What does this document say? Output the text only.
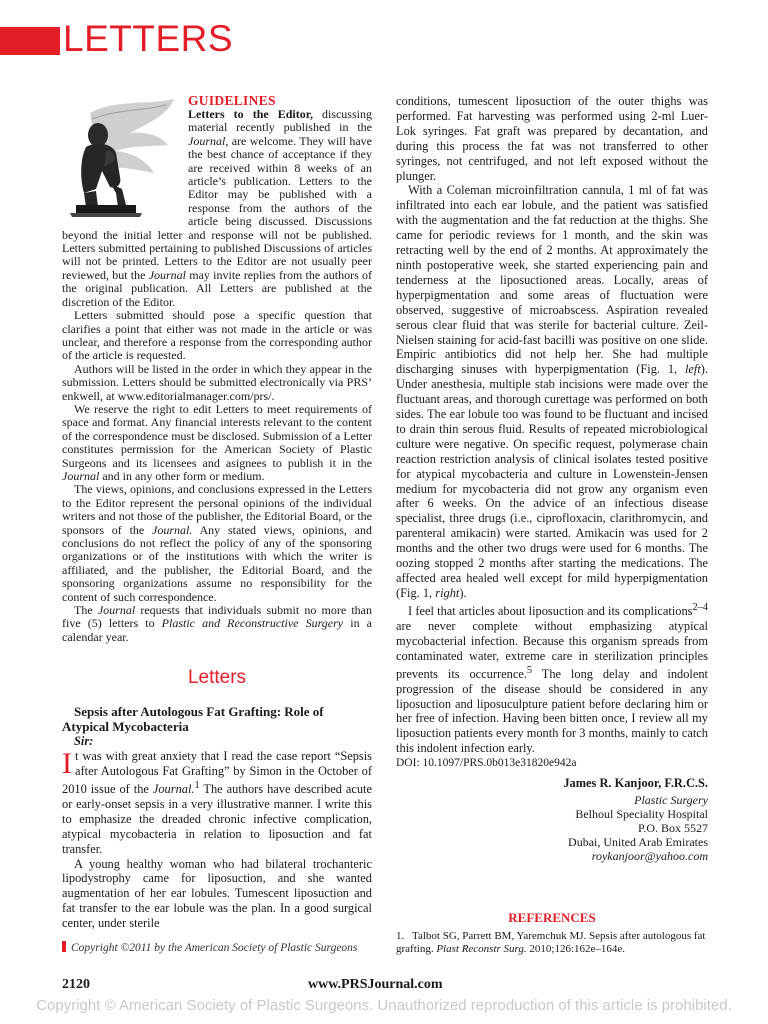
LETTERS
GUIDELINES

Letters to the Editor, discussing material recently published in the Journal, are welcome. They will have the best chance of acceptance if they are received within 8 weeks of an article’s publication. Letters to the Editor may be published with a response from the authors of the article being discussed. Discussions beyond the initial letter and response will not be published. Letters submitted pertaining to published Discussions of articles will not be printed. Letters to the Editor are not usually peer reviewed, but the Journal may invite replies from the authors of the original publication. All Letters are published at the discretion of the Editor.

Letters submitted should pose a specific question that clarifies a point that either was not made in the article or was unclear, and therefore a response from the corresponding author of the article is requested.

Authors will be listed in the order in which they appear in the submission. Letters should be submitted electronically via PRS’ enkwell, at www.editorialmanager.com/prs/.

We reserve the right to edit Letters to meet requirements of space and format. Any financial interests relevant to the content of the correspondence must be disclosed. Submission of a Letter constitutes permission for the American Society of Plastic Surgeons and its licensees and asignees to publish it in the Journal and in any other form or medium.

The views, opinions, and conclusions expressed in the Letters to the Editor represent the personal opinions of the individual writers and not those of the publisher, the Editorial Board, or the sponsors of the Journal. Any stated views, opinions, and conclusions do not reflect the policy of any of the sponsoring organizations or of the institutions with which the writer is affiliated, and the publisher, the Editorial Board, and the sponsoring organizations assume no responsibility for the content of such correspondence.

The Journal requests that individuals submit no more than five (5) letters to Plastic and Reconstructive Surgery in a calendar year.

Letters

Sepsis after Autologous Fat Grafting: Role of Atypical Mycobacteria

Sir:

It was with great anxiety that I read the case report “Sepsis after Autologous Fat Grafting” by Simon in the October of 2010 issue of the Journal.$^1$ The authors have described acute or early-onset sepsis in a very illustrative manner. I write this to emphasize the dreaded chronic infective complication, atypical mycobacteria in relation to liposuction and fat transfer.

A young healthy woman who had bilateral trochanteric lipodystrophy came for liposuction, and she wanted augmentation of her ear lobules. Tumescent liposuction and fat transfer to the ear lobule was the plan. In a good surgical center, under sterile

Copyright ©2011 by the American Society of Plastic Surgeons

conditions, tumescent liposuction of the outer thighs was performed. Fat harvesting was performed using 2-ml Luer-Lok syringes. Fat graft was prepared by decantation, and during this process the fat was not transferred to other syringes, not centrifuged, and not left exposed without the plunger.

With a Coleman microinfiltration cannula, 1 ml of fat was infiltrated into each ear lobule, and the patient was satisfied with the augmentation and the fat reduction at the thighs. She came for periodic reviews for 1 month, and the skin was retracting well by the end of 2 months. At approximately the ninth postoperative week, she started experiencing pain and tenderness at the liposuctioned areas. Locally, areas of hyperpigmentation and some areas of fluctuation were observed, suggestive of microabscess. Aspiration revealed serous clear fluid that was sterile for bacterial culture. Zeil-Nielsen staining for acid-fast bacilli was positive on one slide. Empiric antibiotics did not help her. She had multiple discharging sinuses with hyperpigmentation (Fig. 1, left). Under anesthesia, multiple stab incisions were made over the fluctuant areas, and thorough curettage was performed on both sides. The ear lobule too was found to be fluctuant and incised to drain thin serous fluid. Results of repeated microbiological culture were negative. On specific request, polymerase chain reaction restriction analysis of clinical isolates tested positive for atypical mycobacteria and culture in Lowenstein-Jensen medium for mycobacteria did not grow any organism even after 6 weeks. On the advice of an infectious disease specialist, three drugs (i.e., ciprofloxacin, clarithromycin, and parenteral amikacin) were started. Amikacin was used for 2 months and the other two drugs were used for 6 months. The oozing stopped 2 months after starting the medications. The affected area healed well except for mild hyperpigmentation (Fig. 1, right).

I feel that articles about liposuction and its complications$^{2-4}$ are never complete without emphasizing atypical mycobacterial infection. Because this organism spreads from contaminated water, extreme care in sterilization principles prevents its occurrence.$^5$ The long delay and indolent progression of the disease should be considered in any liposuction and liposuculpture patient before declaring him or her free of infection. Having been bitten once, I review all my liposuction patients every month for 3 months, mainly to catch this indolent infection early.

DOI: 10.1097/PRS.0b013e31820e942a

James R. Kanjoor, F.R.C.S.

Plastic Surgery

Belhoul Speciality Hospital

P.O. Box 5527

Dubai, United Arab Emirates

roykanjoor@yahoo.com

REFERENCES
1. Talbot SG, Parrett BM, Yaremchuk MJ. Sepsis after autologous fat grafting. Plast Reconstr Surg. 2010;126:162e–164e.
2120	www.PRSJournal.com
Copyright © American Society of Plastic Surgeons. Unauthorized reproduction of this article is prohibited.
